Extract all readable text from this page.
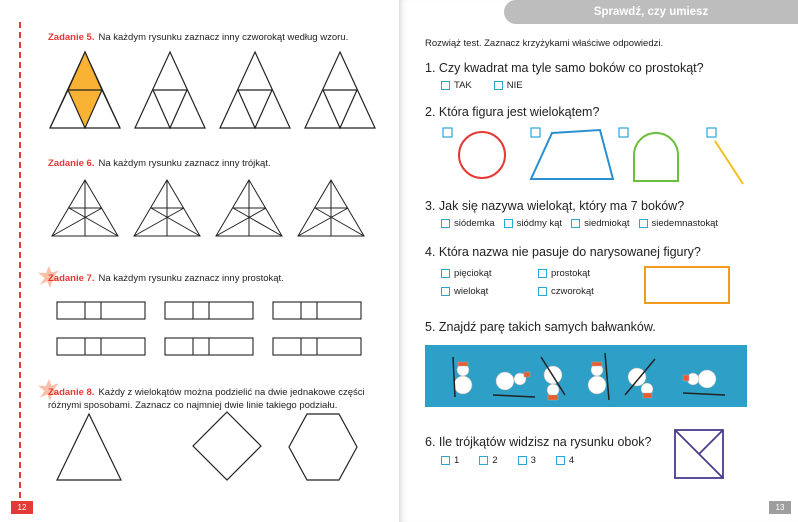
Zadanie 5. Na każdym rysunku zaznacz inny czworokąt według wzoru.
Zadanie 6. Na każdym rysunku zaznacz inny trójkąt.
Zadanie 7. Na każdym rysunku zaznacz inny prostokąt.
Zadanie 8. Każdy z wielokątów można podzielić na dwie jednakowe części
różnymi sposobami. Zaznacz co najmniej dwie linie takiego podziału.
12
Sprawdź, czy umiesz
Rozwiąż test. Zaznacz krzyżykami właściwe odpowiedzi.
1. Czy kwadrat ma tyle samo boków co prostokąt?
TAK	NIE
2. Która figura jest wielokątem?
3. Jak się nazywa wielokąt, który ma 7 boków?
siódemka siódmy kąt siedmiokąt siedemnastokąt
4. Która nazwa nie pasuje do narysowanej figury?
pięciokąt	prostokąt
wielokąt	czworokąt
5. Znajdź parę takich samych bałwanków.
6. Ile trójkątów widzisz na rysunku obok?
1	2	3	4
13
